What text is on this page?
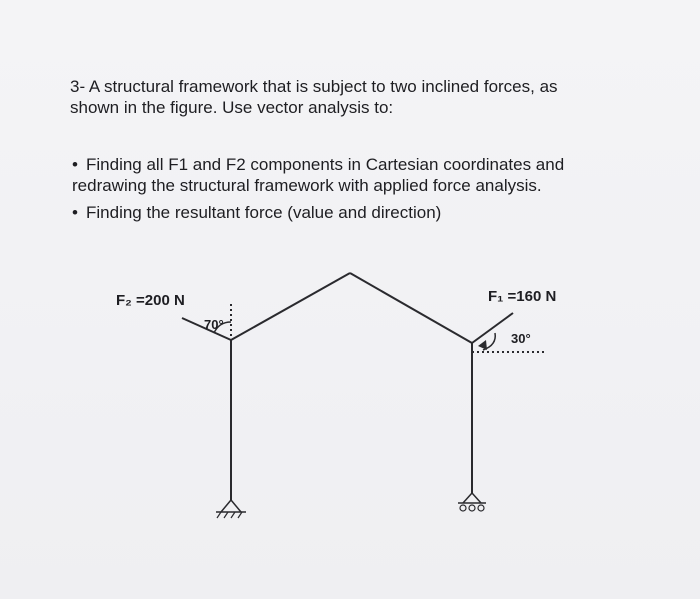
3- A structural framework that is subject to two inclined forces, as
shown in the figure. Use vector analysis to:
• Finding all F1 and F2 components in Cartesian coordinates and
redrawing the structural framework with applied force analysis.
• Finding the resultant force (value and direction)
F₂ =200 N	F₁ =160 N
70°
30°
